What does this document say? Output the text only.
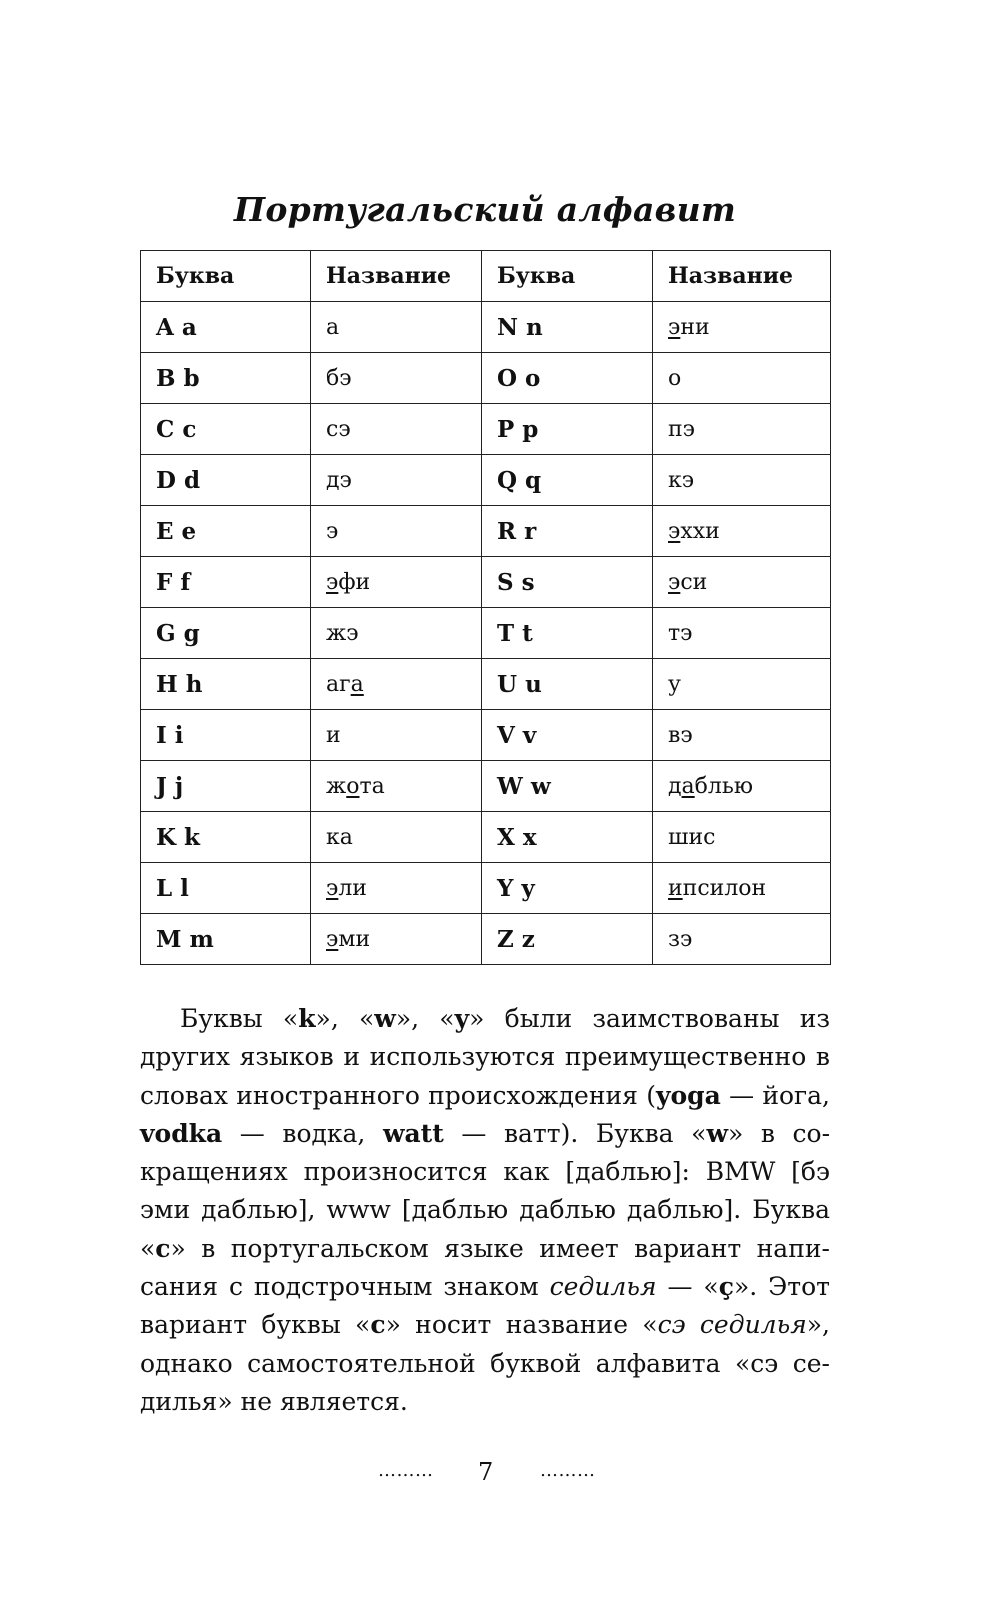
Португальский алфавит
Буква	Название	Буква	Название
A a	а	N n	эни
B b	бэ	O o	о
C c	сэ	P p	пэ
D d	дэ	Q q	кэ
E e	э	R r	эххи
F f	эфи	S s	эси
G g	жэ	T t	тэ
H h	ага	U u	у
I i	и	V v	вэ
J j	жота	W w	даблью
K k	ка	X x	шис
L l	эли	Y y	ипсилон
M m	эми	Z z	зэ

Буквы «k», «w», «y» были заимствованы из других языков и используются преимущественно в словах иностранного происхождения (yoga — йога, vodka — водка, watt — ватт). Буква «w» в сокращениях произносится как [даблью]: BMW [бэ эми даблью], www [даблью даблью даблью]. Буква «c» в португальском языке имеет вариант написания с подстрочным знаком седилья — «ç». Этот вариант буквы «c» носит название «сэ седилья», однако самостоятельной буквой алфавита «сэ седилья» не является.

……… 7	………
